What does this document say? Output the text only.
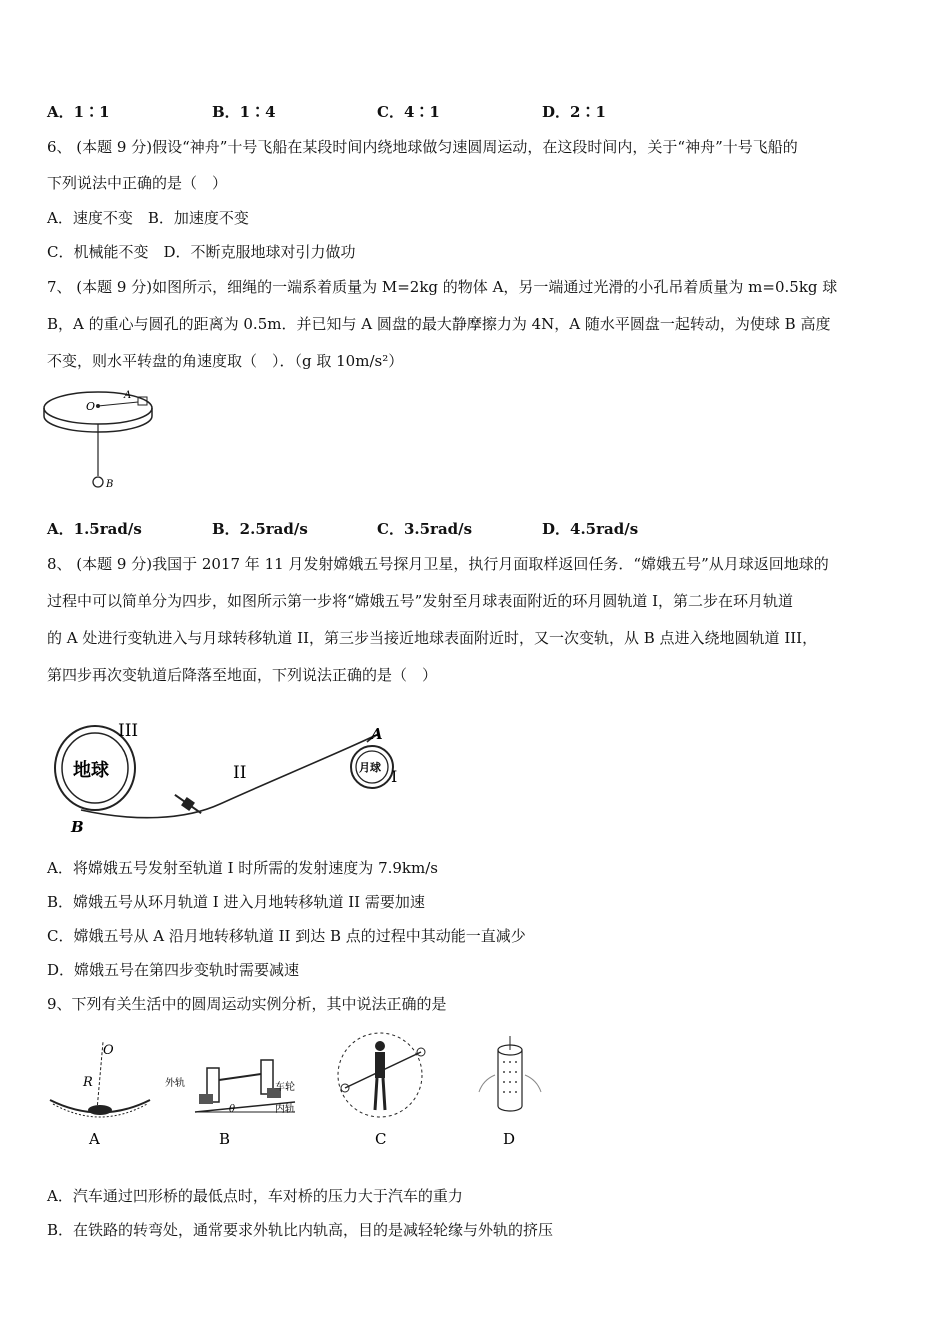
A．1∶1	B．1∶4	C．4∶1	D．2∶1
6、 (本题 9 分)假设“神舟”十号飞船在某段时间内绕地球做匀速圆周运动，在这段时间内，关于“神舟”十号飞船的
下列说法中正确的是（　）
A．速度不变　B．加速度不变
C．机械能不变　D．不断克服地球对引力做功
7、 (本题 9 分)如图所示，细绳的一端系着质量为 M=2kg 的物体 A，另一端通过光滑的小孔吊着质量为 m=0.5kg 球
B，A 的重心与圆孔的距离为 0.5m．并已知与 A 圆盘的最大静摩擦力为 4N，A 随水平圆盘一起转动，为使球 B 高度
不变，则水平转盘的角速度取（　）．（g 取 10m/s²）
O
A
B
A．1.5rad/s	B．2.5rad/s	C．3.5rad/s	D．4.5rad/s
8、 (本题 9 分)我国于 2017 年 11 月发射嫦娥五号探月卫星，执行月面取样返回任务．“嫦娥五号”从月球返回地球的
过程中可以简单分为四步，如图所示第一步将“嫦娥五号”发射至月球表面附近的环月圆轨道 I，第二步在环月轨道
的 A 处进行变轨进入与月球转移轨道 II，第三步当接近地球表面附近时，又一次变轨，从 B 点进入绕地圆轨道 III，
第四步再次变轨道后降落至地面，下列说法正确的是（　）
地球
III
月球
II	I
A
B
A．将嫦娥五号发射至轨道 I 时所需的发射速度为 7.9km/s
B．嫦娥五号从环月轨道 I 进入月地转移轨道 II 需要加速
C．嫦娥五号从 A 沿月地转移轨道 II 到达 B 点的过程中其动能一直减少
D．嫦娥五号在第四步变轨时需要减速
9、下列有关生活中的圆周运动实例分析，其中说法正确的是
O
R
A
外轨	车轮
内轨
θ
B	C	D
A．汽车通过凹形桥的最低点时，车对桥的压力大于汽车的重力
B．在铁路的转弯处，通常要求外轨比内轨高，目的是减轻轮缘与外轨的挤压
